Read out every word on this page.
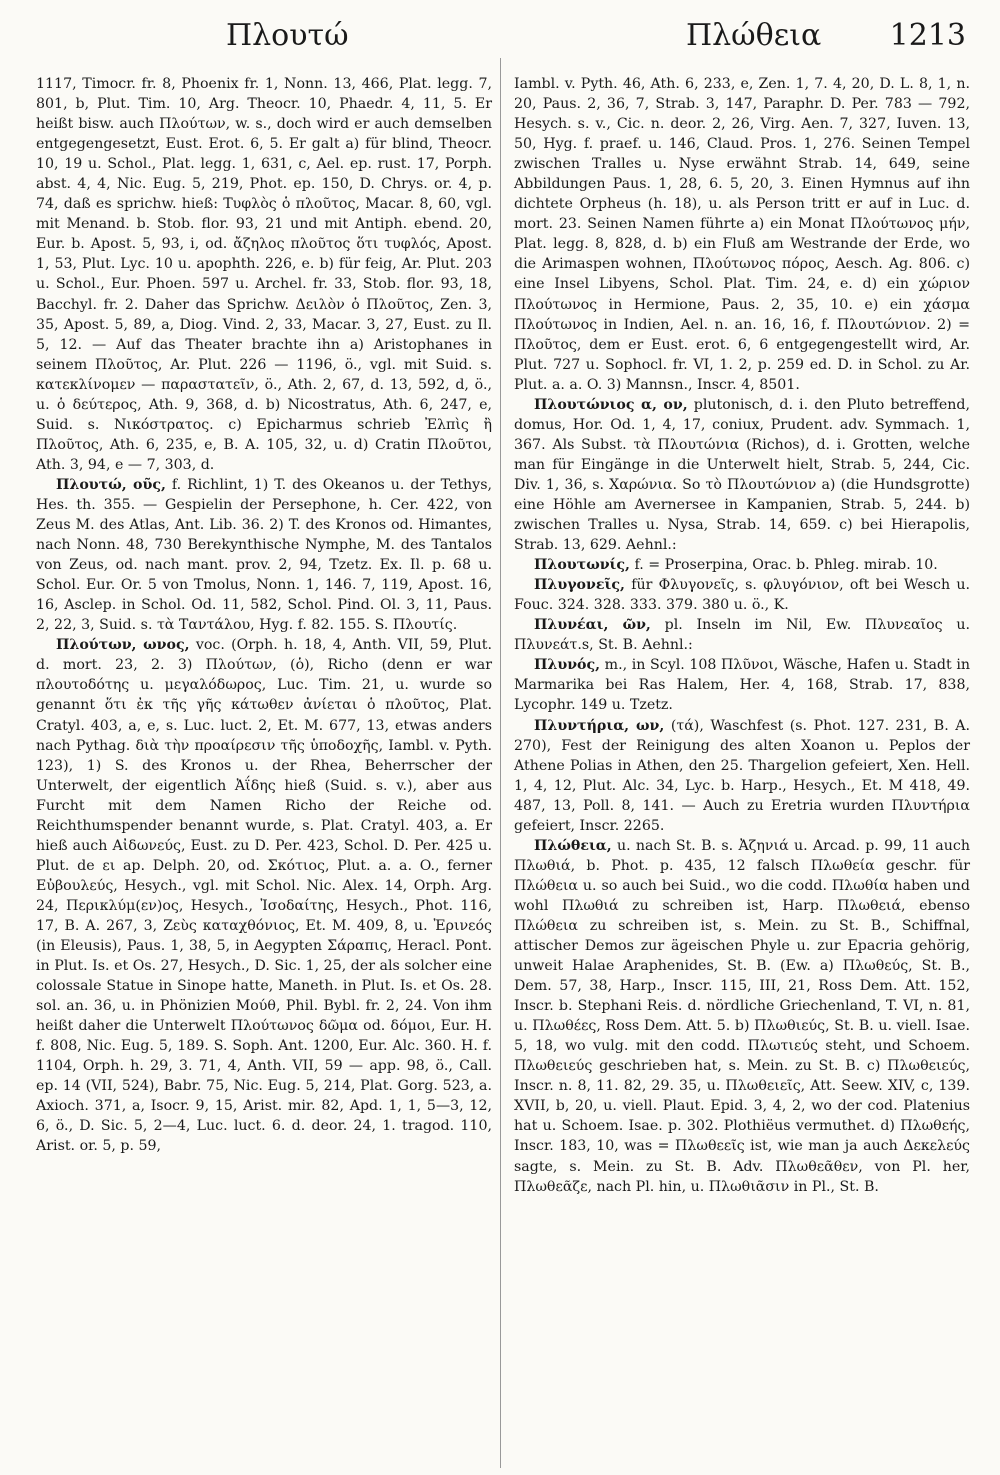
Πλουτώ	Πλώθεια 1213

1117, Timocr. fr. 8, Phoenix fr. 1, Nonn. 13, 466, Plat. legg. 7, 801, b, Plut. Tim. 10, Arg. Theocr. 10, Phaedr. 4, 11, 5. Er heißt bisw. auch Πλούτων, w. s., doch wird er auch demselben entgegengesetzt, Eust. Erot. 6, 5. Er galt a) für blind, Theocr. 10, 19 u. Schol., Plat. legg. 1, 631, c, Ael. ep. rust. 17, Porph. abst. 4, 4, Nic. Eug. 5, 219, Phot. ep. 150, D. Chrys. or. 4, p. 74, daß es sprichw. hieß: Τυφλὸς ὁ πλοῦτος, Macar. 8, 60, vgl. mit Menand. b. Stob. flor. 93, 21 und mit Antiph. ebend. 20, Eur. b. Apost. 5, 93, i, od. ἄζηλος πλοῦτος ὅτι τυφλός, Apost. 1, 53, Plut. Lyc. 10 u. apophth. 226, e. b) für feig, Ar. Plut. 203 u. Schol., Eur. Phoen. 597 u. Archel. fr. 33, Stob. flor. 93, 18, Bacchyl. fr. 2. Daher das Sprichw. Δειλὸν ὁ Πλοῦτος, Zen. 3, 35, Apost. 5, 89, a, Diog. Vind. 2, 33, Macar. 3, 27, Eust. zu Il. 5, 12. — Auf das Theater brachte ihn a) Aristophanes in seinem Πλοῦτος, Ar. Plut. 226 — 1196, ö., vgl. mit Suid. s. κατεκλίνομεν — παραστατεῖν, ö., Ath. 2, 67, d. 13, 592, d, ö., u. ὁ δεύτερος, Ath. 9, 368, d. b) Nicostratus, Ath. 6, 247, e, Suid. s. Νικόστρατος. c) Epicharmus schrieb Ἐλπὶς ἢ Πλοῦτος, Ath. 6, 235, e, B. A. 105, 32, u. d) Cratin Πλοῦτοι, Ath. 3, 94, e — 7, 303, d.

Πλουτώ, οῦς, f. Richlint, 1) T. des Okeanos u. der Tethys, Hes. th. 355. — Gespielin der Persephone, h. Cer. 422, von Zeus M. des Atlas, Ant. Lib. 36. 2) T. des Kronos od. Himantes, nach Nonn. 48, 730 Berekynthische Nymphe, M. des Tantalos von Zeus, od. nach mant. prov. 2, 94, Tzetz. Ex. Il. p. 68 u. Schol. Eur. Or. 5 von Tmolus, Nonn. 1, 146. 7, 119, Apost. 16, 16, Asclep. in Schol. Od. 11, 582, Schol. Pind. Ol. 3, 11, Paus. 2, 22, 3, Suid. s. τὰ Ταντάλου, Hyg. f. 82. 155. S. Πλουτίς.

Πλούτων, ωνος, voc. (Orph. h. 18, 4, Anth. VII, 59, Plut. d. mort. 23, 2. 3) Πλούτων, (ὁ), Richo (denn er war πλουτοδότης u. μεγαλόδωρος, Luc. Tim. 21, u. wurde so genannt ὅτι ἐκ τῆς γῆς κάτωθεν ἀνίεται ὁ πλοῦτος, Plat. Cratyl. 403, a, e, s. Luc. luct. 2, Et. M. 677, 13, etwas anders nach Pythag. διὰ τὴν προαίρεσιν τῆς ὑποδοχῆς, Iambl. v. Pyth. 123), 1) S. des Kronos u. der Rhea, Beherrscher der Unterwelt, der eigentlich Ἀΐδης hieß (Suid. s. v.), aber aus Furcht mit dem Namen Richo der Reiche od. Reichthumspender benannt wurde, s. Plat. Cratyl. 403, a. Er hieß auch Αἰδωνεύς, Eust. zu D. Per. 423, Schol. D. Per. 425 u. Plut. de ει ap. Delph. 20, od. Σκότιος, Plut. a. a. O., ferner Εὐβουλεύς, Hesych., vgl. mit Schol. Nic. Alex. 14, Orph. Arg. 24, Περικλύμ(εν)ος, Hesych., Ἰσοδαίτης, Hesych., Phot. 116, 17, B. A. 267, 3, Ζεὺς καταχθόνιος, Et. M. 409, 8, u. Ἐρινεός (in Eleusis), Paus. 1, 38, 5, in Aegypten Σάραπις, Heracl. Pont. in Plut. Is. et Os. 27, Hesych., D. Sic. 1, 25, der als solcher eine colossale Statue in Sinope hatte, Maneth. in Plut. Is. et Os. 28. sol. an. 36, u. in Phönizien Μούθ, Phil. Bybl. fr. 2, 24. Von ihm heißt daher die Unterwelt Πλούτωνος δῶμα od. δόμοι, Eur. H. f. 808, Nic. Eug. 5, 189. S. Soph. Ant. 1200, Eur. Alc. 360. H. f. 1104, Orph. h. 29, 3. 71, 4, Anth. VII, 59 — app. 98, ö., Call. ep. 14 (VII, 524), Babr. 75, Nic. Eug. 5, 214, Plat. Gorg. 523, a. Axioch. 371, a, Isocr. 9, 15, Arist. mir. 82, Apd. 1, 1, 5—3, 12, 6, ö., D. Sic. 5, 2—4, Luc. luct. 6. d. deor. 24, 1. tragod. 110, Arist. or. 5, p. 59,

Iambl. v. Pyth. 46, Ath. 6, 233, e, Zen. 1, 7. 4, 20, D. L. 8, 1, n. 20, Paus. 2, 36, 7, Strab. 3, 147, Paraphr. D. Per. 783 — 792, Hesych. s. v., Cic. n. deor. 2, 26, Virg. Aen. 7, 327, Iuven. 13, 50, Hyg. f. praef. u. 146, Claud. Pros. 1, 276. Seinen Tempel zwischen Tralles u. Nyse erwähnt Strab. 14, 649, seine Abbildungen Paus. 1, 28, 6. 5, 20, 3. Einen Hymnus auf ihn dichtete Orpheus (h. 18), u. als Person tritt er auf in Luc. d. mort. 23. Seinen Namen führte a) ein Monat Πλούτωνος μήν, Plat. legg. 8, 828, d. b) ein Fluß am Westrande der Erde, wo die Arimaspen wohnen, Πλούτωνος πόρος, Aesch. Ag. 806. c) eine Insel Libyens, Schol. Plat. Tim. 24, e. d) ein χώριον Πλούτωνος in Hermione, Paus. 2, 35, 10. e) ein χάσμα Πλούτωνος in Indien, Ael. n. an. 16, 16, f. Πλουτώνιον. 2) = Πλοῦτος, dem er Eust. erot. 6, 6 entgegengestellt wird, Ar. Plut. 727 u. Sophocl. fr. VI, 1. 2, p. 259 ed. D. in Schol. zu Ar. Plut. a. a. O. 3) Mannsn., Inscr. 4, 8501.

Πλουτώνιος α, ον, plutonisch, d. i. den Pluto betreffend, domus, Hor. Od. 1, 4, 17, coniux, Prudent. adv. Symmach. 1, 367. Als Subst. τὰ Πλουτώνια (Richos), d. i. Grotten, welche man für Eingänge in die Unterwelt hielt, Strab. 5, 244, Cic. Div. 1, 36, s. Χαρώνια. So τὸ Πλουτώνιον a) (die Hundsgrotte) eine Höhle am Avernersee in Kampanien, Strab. 5, 244. b) zwischen Tralles u. Nysa, Strab. 14, 659. c) bei Hierapolis, Strab. 13, 629. Aehnl.:

Πλουτωνίς, f. = Proserpina, Orac. b. Phleg. mirab. 10.

Πλυγονεῖς, für Φλυγονεῖς, s. φλυγόνιον, oft bei Wesch u. Fouc. 324. 328. 333. 379. 380 u. ö., K.

Πλυνέαι, ῶν, pl. Inseln im Nil, Ew. Πλυνεαῖος u. Πλυνεάτ.s, St. B. Aehnl.:

Πλυνός, m., in Scyl. 108 Πλῦνοι, Wäsche, Hafen u. Stadt in Marmarika bei Ras Halem, Her. 4, 168, Strab. 17, 838, Lycophr. 149 u. Tzetz.

Πλυντήρια, ων, (τά), Waschfest (s. Phot. 127. 231, B. A. 270), Fest der Reinigung des alten Xoanon u. Peplos der Athene Polias in Athen, den 25. Thargelion gefeiert, Xen. Hell. 1, 4, 12, Plut. Alc. 34, Lyc. b. Harp., Hesych., Et. M 418, 49. 487, 13, Poll. 8, 141. — Auch zu Eretria wurden Πλυντήρια gefeiert, Inscr. 2265.

Πλώθεια, u. nach St. B. s. Ἀζηνιά u. Arcad. p. 99, 11 auch Πλωθιά, b. Phot. p. 435, 12 falsch Πλωθεία geschr. für Πλώθεια u. so auch bei Suid., wo die codd. Πλωθία haben und wohl Πλωθιά zu schreiben ist, Harp. Πλωθειά, ebenso Πλώθεια zu schreiben ist, s. Mein. zu St. B., Schiffnal, attischer Demos zur ägeischen Phyle u. zur Epacria gehörig, unweit Halae Araphenides, St. B. (Ew. a) Πλωθεύς, St. B., Dem. 57, 38, Harp., Inscr. 115, III, 21, Ross Dem. Att. 152, Inscr. b. Stephani Reis. d. nördliche Griechenland, T. VI, n. 81, u. Πλωθέες, Ross Dem. Att. 5. b) Πλωθιεύς, St. B. u. viell. Isae. 5, 18, wo vulg. mit den codd. Πλωτιεύς steht, und Schoem. Πλωθειεύς geschrieben hat, s. Mein. zu St. B. c) Πλωθειεύς, Inscr. n. 8, 11. 82, 29. 35, u. Πλωθειεῖς, Att. Seew. XIV, c, 139. XVII, b, 20, u. viell. Plaut. Epid. 3, 4, 2, wo der cod. Platenius hat u. Schoem. Isae. p. 302. Plothiëus vermuthet. d) Πλωθεής, Inscr. 183, 10, was = Πλωθεεῖς ist, wie man ja auch Δεκελεύς sagte, s. Mein. zu St. B. Adv. Πλωθεᾶθεν, von Pl. her, Πλωθεᾶζε, nach Pl. hin, u. Πλωθιᾶσιν in Pl., St. B.
